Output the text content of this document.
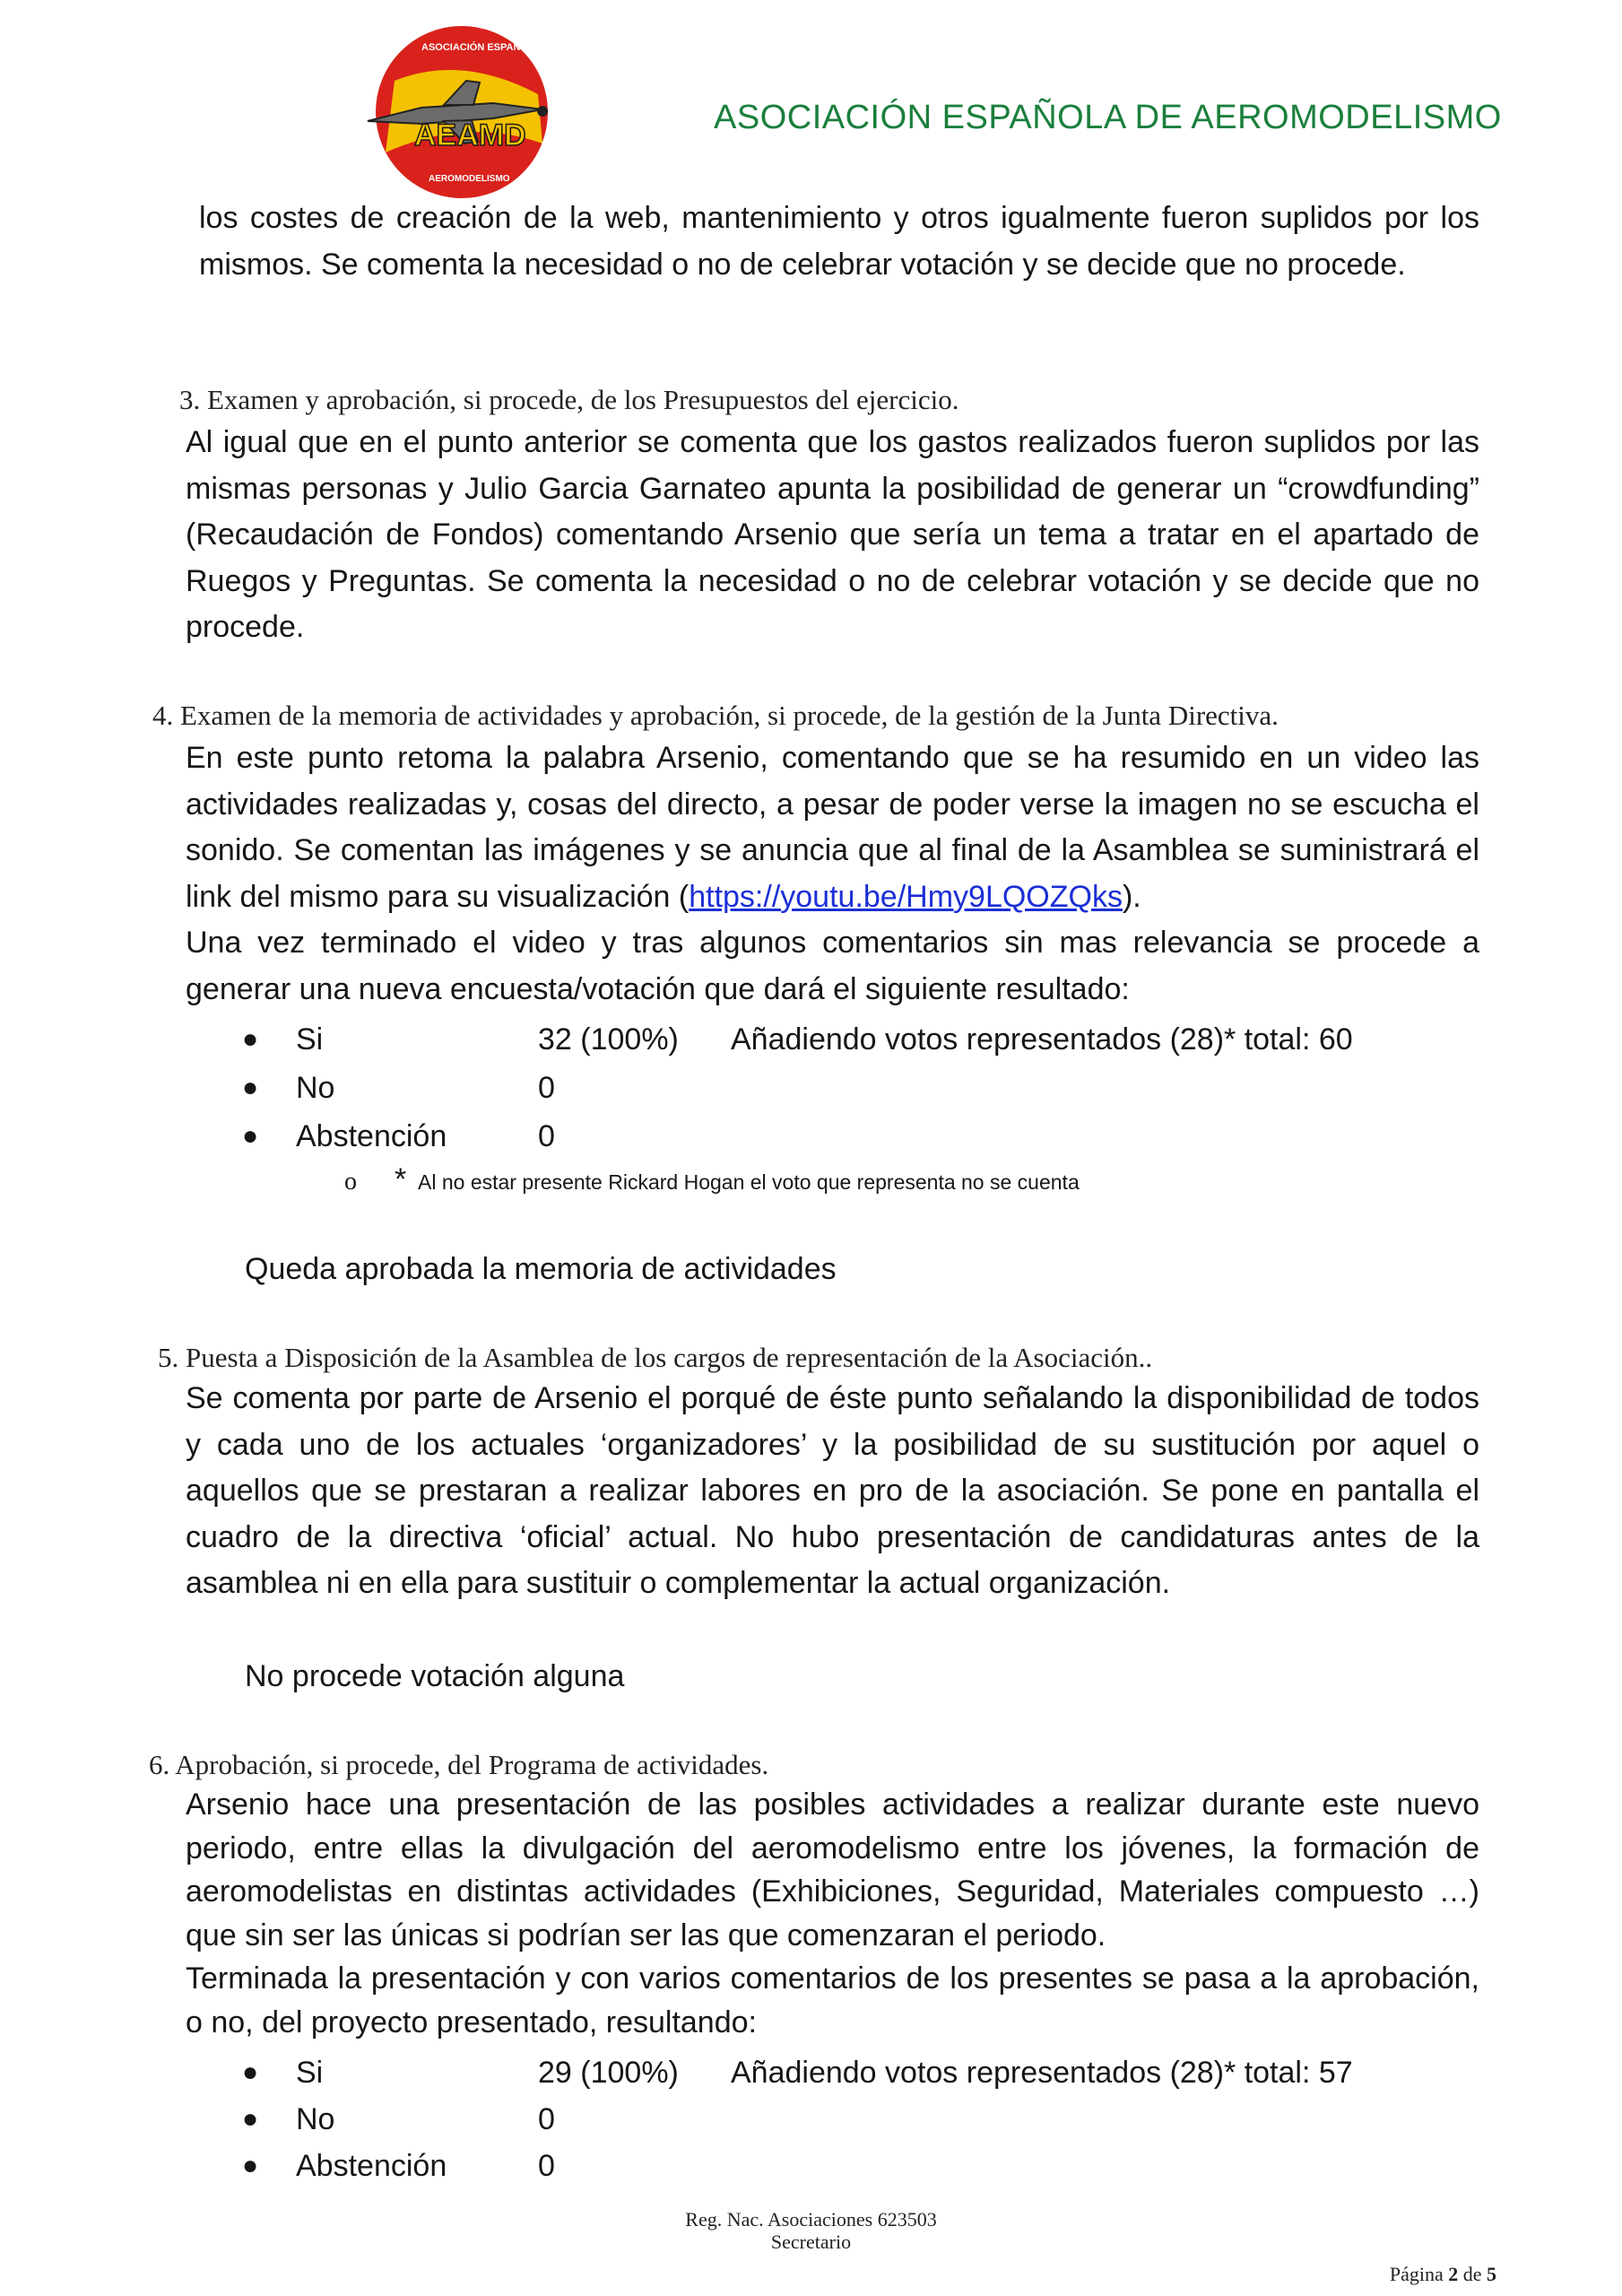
AEAMD
ASOCIACIÓN ESPAÑOLA
AEROMODELISMO
ASOCIACIÓN ESPAÑOLA DE AEROMODELISMO

los costes de creación de la web, mantenimiento y otros igualmente fueron suplidos por los mismos. Se comenta la necesidad o no de celebrar votación y se decide que no procede.

3. Examen y aprobación, si procede, de los Presupuestos del ejercicio.

Al igual que en el punto anterior se comenta que los gastos realizados fueron suplidos por las mismas personas y Julio Garcia Garnateo apunta la posibilidad de generar un “crowdfunding” (Recaudación de Fondos) comentando Arsenio que sería un tema a tratar en el apartado de Ruegos y Preguntas. Se comenta la necesidad o no de celebrar votación y se decide que no procede.

4. Examen de la memoria de actividades y aprobación, si procede, de la gestión de la Junta Directiva.

En este punto retoma la palabra Arsenio, comentando que se ha resumido en un video las actividades realizadas y, cosas del directo, a pesar de poder verse la imagen no se escucha el sonido. Se comentan las imágenes y se anuncia que al final de la Asamblea se suministrará el link del mismo para su visualización (https://youtu.be/Hmy9LQOZQks).

Una vez terminado el video y tras algunos comentarios sin mas relevancia se procede a generar una nueva encuesta/votación que dará el siguiente resultado:

●	Si	32 (100%)	Añadiendo votos representados (28)* total: 60
●	No	0
●	Abstención	0
o	* Al no estar presente Rickard Hogan el voto que representa no se cuenta
Queda aprobada la memoria de actividades

5. Puesta a Disposición de la Asamblea de los cargos de representación de la Asociación..

Se comenta por parte de Arsenio el porqué de éste punto señalando la disponibilidad de todos y cada uno de los actuales ‘organizadores’ y la posibilidad de su sustitución por aquel o aquellos que se prestaran a realizar labores en pro de la asociación. Se pone en pantalla el cuadro de la directiva ‘oficial’ actual. No hubo presentación de candidaturas antes de la asamblea ni en ella para sustituir o complementar la actual organización.

No procede votación alguna

6. Aprobación, si procede, del Programa de actividades.

Arsenio hace una presentación de las posibles actividades a realizar durante este nuevo periodo, entre ellas la divulgación del aeromodelismo entre los jóvenes, la formación de aeromodelistas en distintas actividades (Exhibiciones, Seguridad, Materiales compuesto …) que sin ser las únicas si podrían ser las que comenzaran el periodo.

Terminada la presentación y con varios comentarios de los presentes se pasa a la aprobación, o no, del proyecto presentado, resultando:

●	Si	29 (100%)	Añadiendo votos representados (28)* total: 57
●	No	0
●	Abstención	0
Reg. Nac. Asociaciones 623503
Secretario
Página 2 de 5
